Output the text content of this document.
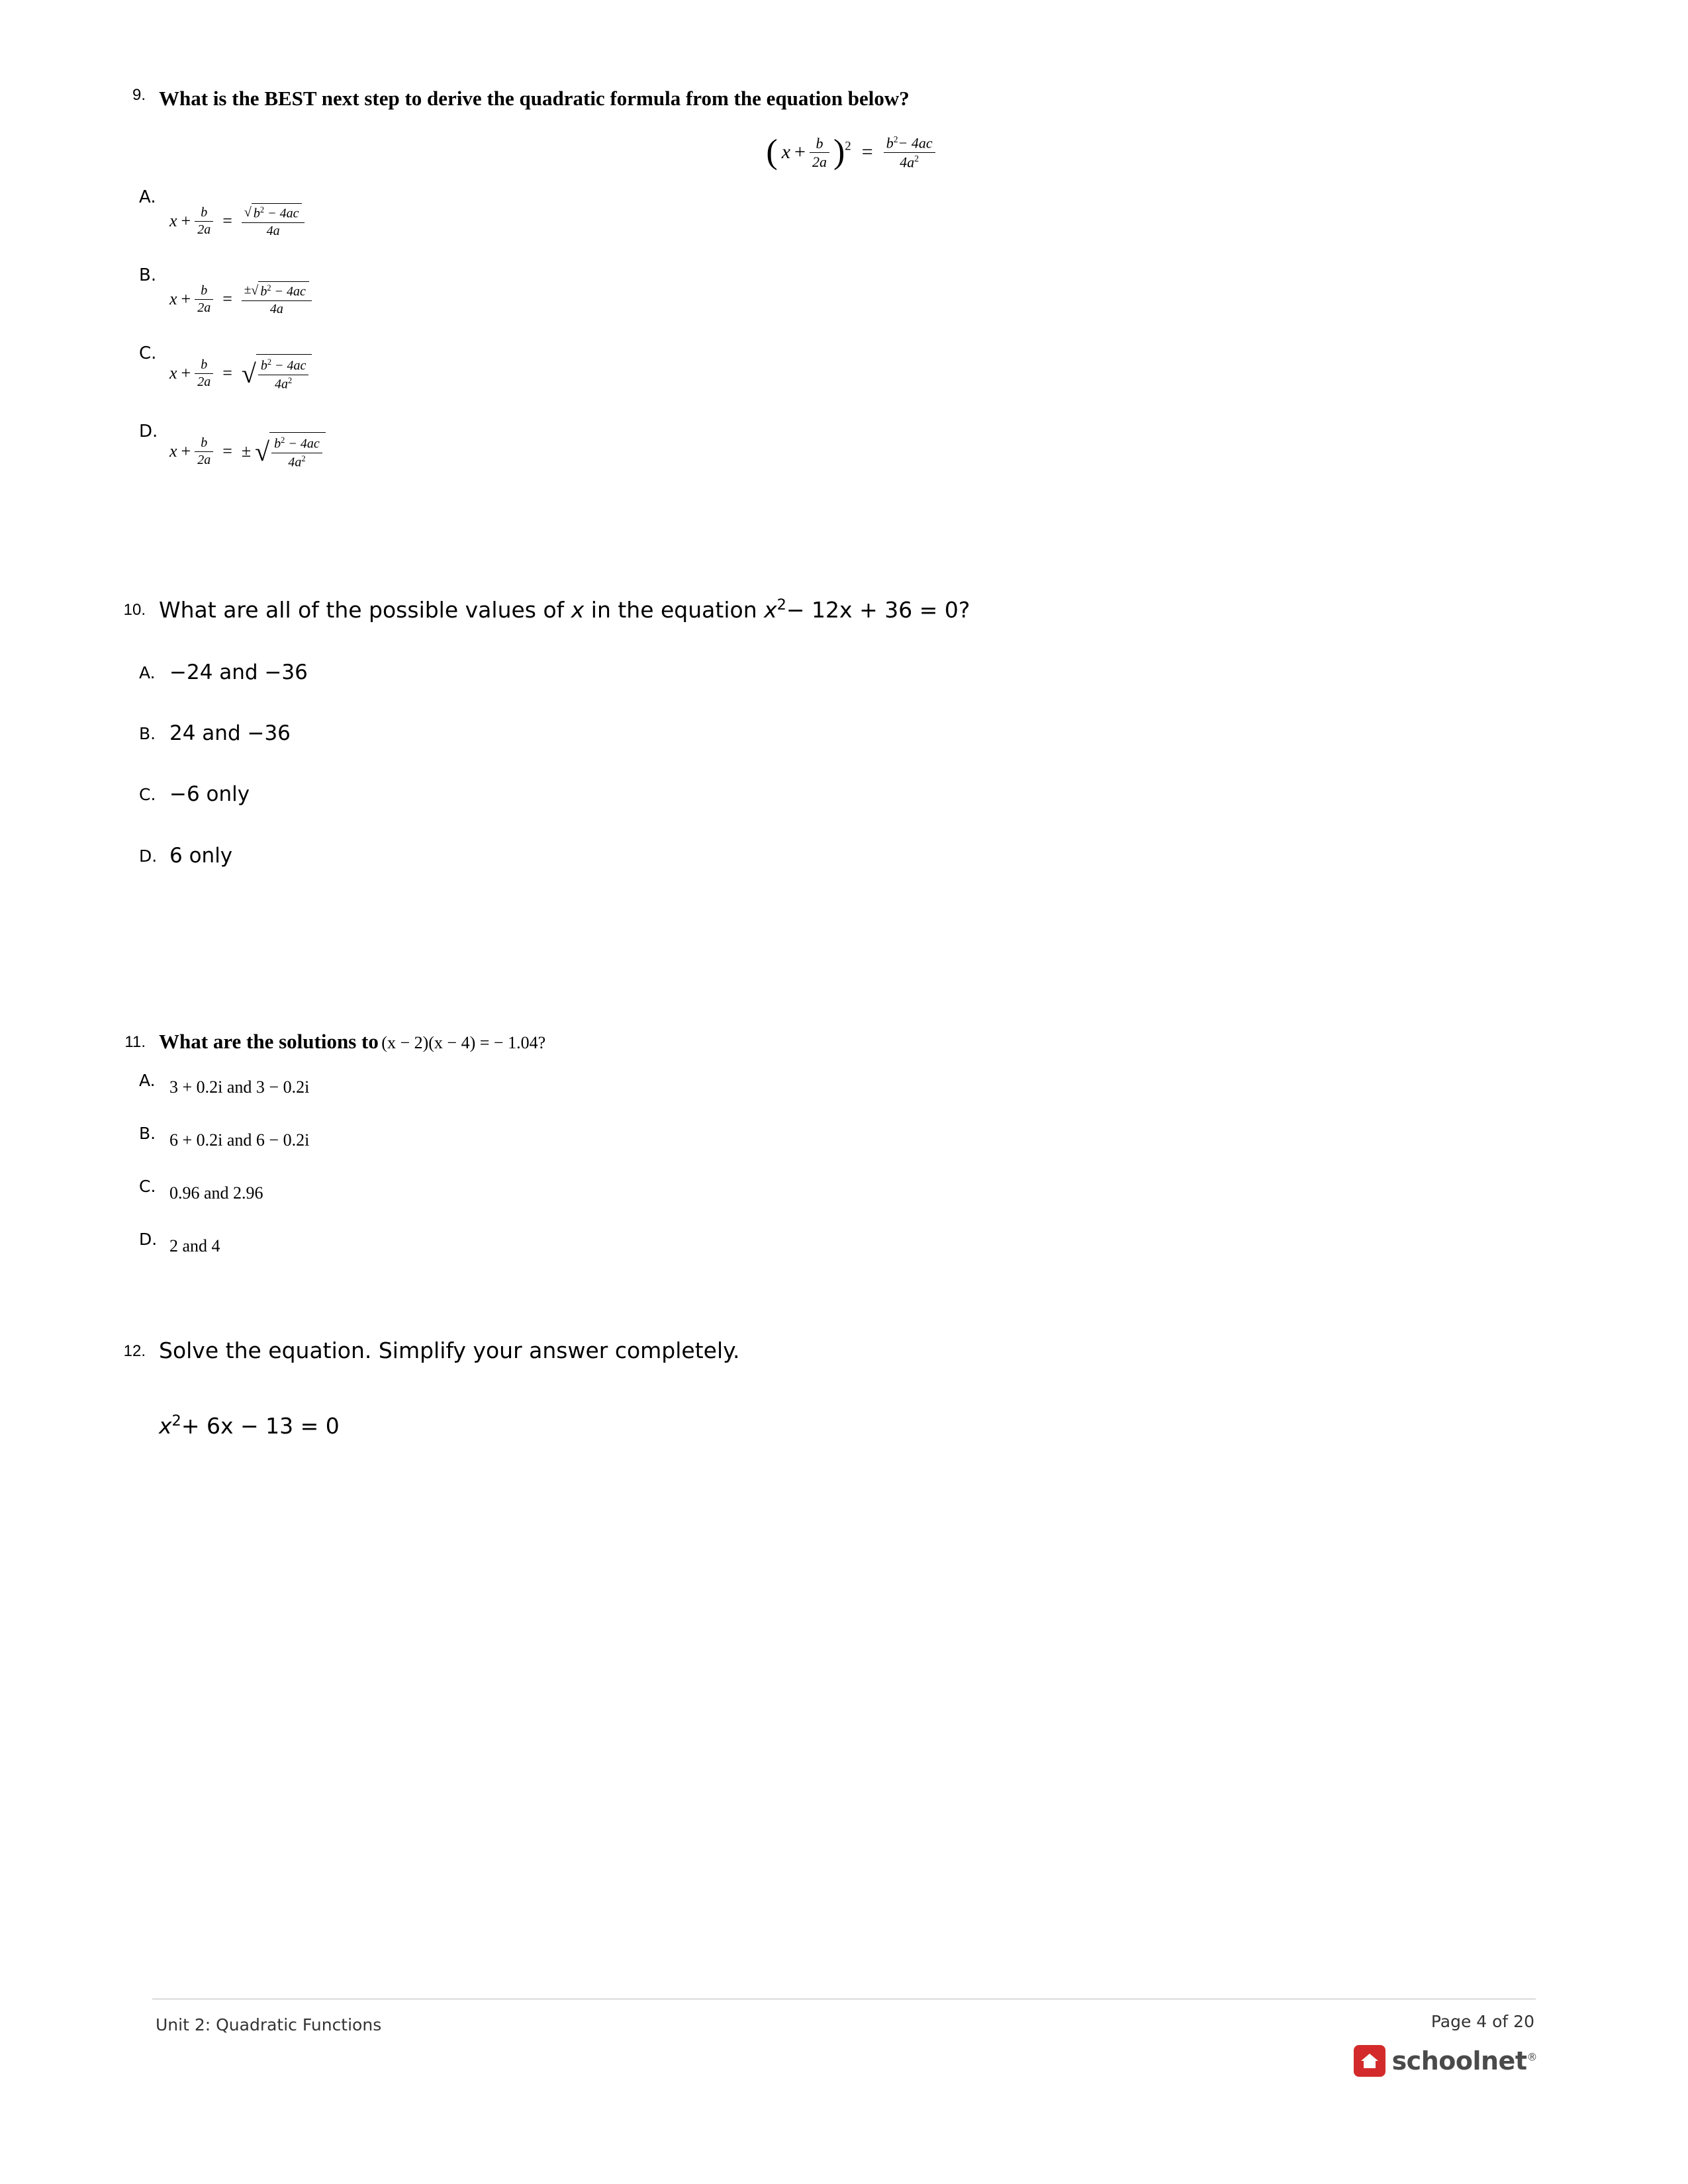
9. What is the BEST next step to derive the quadratic formula from the equation below?
( $x + \frac{b}{2a} )^2 = \frac{b^2- 4ac}{4a^2}$
A.
$x + \frac{b}{2a} = \frac{√ b^2 - 4ac}{4a}$
B.
$x + \frac{b}{2a} = \frac{\pm√ b^2 - 4ac}{4a}$
C.
$x + \frac{b}{2a}$ = √ $\frac{b^2 - 4ac}{4a^2}$
D.
$x + \frac{b}{2a}$ = ± √ $\frac{b^2 - 4ac}{4a^2}$
10. What are all of the possible values of x in the equation $x^2- 12x + 36 = 0$?
A. −24 and −36
B. 24 and −36
C. −6 only
D. 6 only
11. What are the solutions to (x − 2)(x − 4) = − 1.04?
A. 3 + 0.2i and 3 − 0.2i
B. 6 + 0.2i and 6 − 0.2i
C. 0.96 and 2.96
D. 2 and 4
12. Solve the equation. Simplify your answer completely.
$x^2+ 6x - 13 = 0$
Unit 2: Quadratic Functions	Page 4 of 20
schoolnet®
